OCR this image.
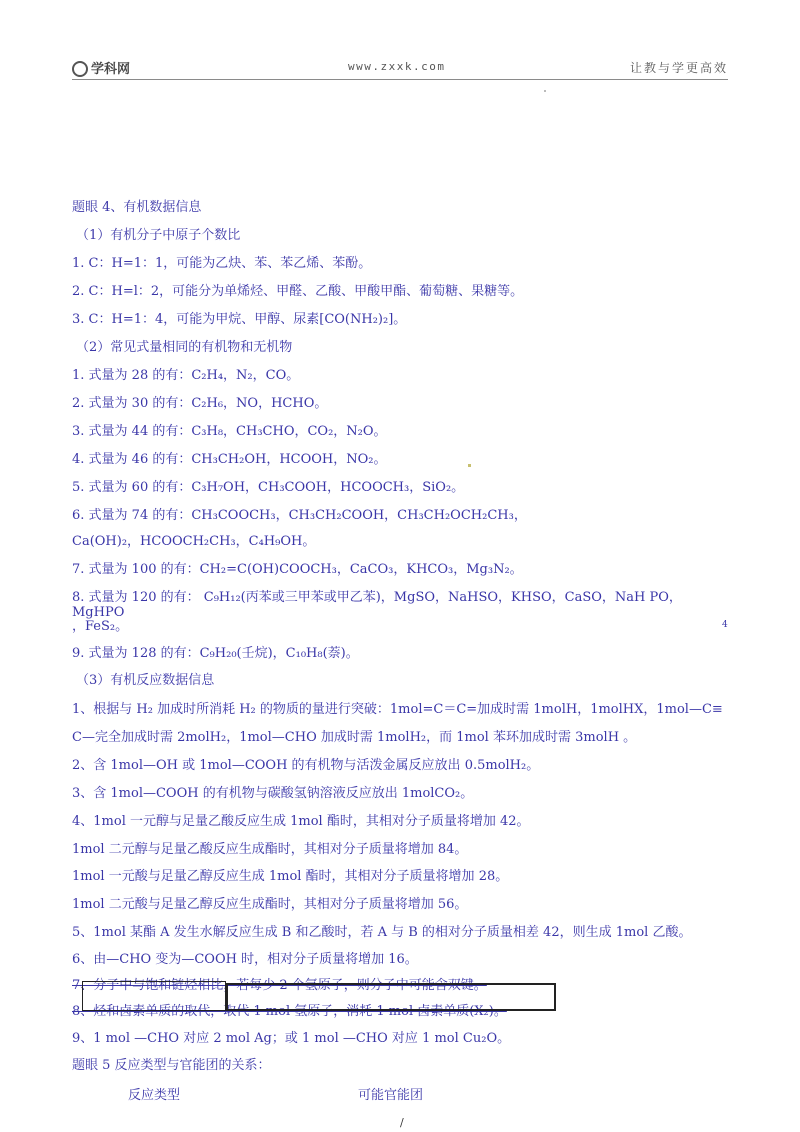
学科网	www.zxxk.com	让教与学更高效
题眼 4、有机数据信息
（1）有机分子中原子个数比
1. C：H=1：1，可能为乙炔、苯、苯乙烯、苯酚。
2. C：H=l：2，可能分为单烯烃、甲醛、乙酸、甲酸甲酯、葡萄糖、果糖等。
3. C：H=1：4，可能为甲烷、甲醇、尿素[CO(NH₂)₂]。
（2）常见式量相同的有机物和无机物
1. 式量为 28 的有：C₂H₄，N₂，CO。
2. 式量为 30 的有：C₂H₆，NO，HCHO。
3. 式量为 44 的有：C₃H₈，CH₃CHO，CO₂，N₂O。
4. 式量为 46 的有：CH₃CH₂OH，HCOOH，NO₂。
5. 式量为 60 的有：C₃H₇OH，CH₃COOH，HCOOCH₃，SiO₂。
6. 式量为 74 的有：CH₃COOCH₃，CH₃CH₂COOH，CH₃CH₂OCH₂CH₃，
Ca(OH)₂，HCOOCH₂CH₃，C₄H₉OH。
7. 式量为 100 的有：CH₂=C(OH)COOCH₃，CaCO₃，KHCO₃，Mg₃N₂。
8. 式量为 120 的有： C₉H₁₂(丙苯或三甲苯或甲乙苯)，MgSO，NaHSO，KHSO，CaSO，NaH PO，
MgHPO
，FeS₂。	4
9. 式量为 128 的有：C₉H₂₀(壬烷)，C₁₀H₈(萘)。
（3）有机反应数据信息
1、根据与 H₂ 加成时所消耗 H₂ 的物质的量进行突破：1mol=C＝C=加成时需 1molH，1molHX，1mol—C≡
C—完全加成时需 2molH₂，1mol—CHO 加成时需 1molH₂，而 1mol 苯环加成时需 3molH 。
2、含 1mol—OH 或 1mol—COOH 的有机物与活泼金属反应放出 0.5molH₂。
3、含 1mol—COOH 的有机物与碳酸氢钠溶液反应放出 1molCO₂。
4、1mol 一元醇与足量乙酸反应生成 1mol 酯时，其相对分子质量将增加 42。
1mol 二元醇与足量乙酸反应生成酯时，其相对分子质量将增加 84。
1mol 一元酸与足量乙醇反应生成 1mol 酯时，其相对分子质量将增加 28。
1mol 二元酸与足量乙醇反应生成酯时，其相对分子质量将增加 56。
5、1mol 某酯 A 发生水解反应生成 B 和乙酸时，若 A 与 B 的相对分子质量相差 42，则生成 1mol 乙酸。
6、由—CHO 变为—COOH 时，相对分子质量将增加 16。
7、分子中与饱和链烃相比，若每少 2 个氢原子，则分子中可能含双键。
8、烃和卤素单质的取代，取代 1 mol 氢原子，消耗 1 mol 卤素单质(X₂)。
9、1 mol —CHO 对应 2 mol Ag；或 1 mol —CHO 对应 1 mol Cu₂O。
题眼 5 反应类型与官能团的关系：
反应类型	可能官能团
/
